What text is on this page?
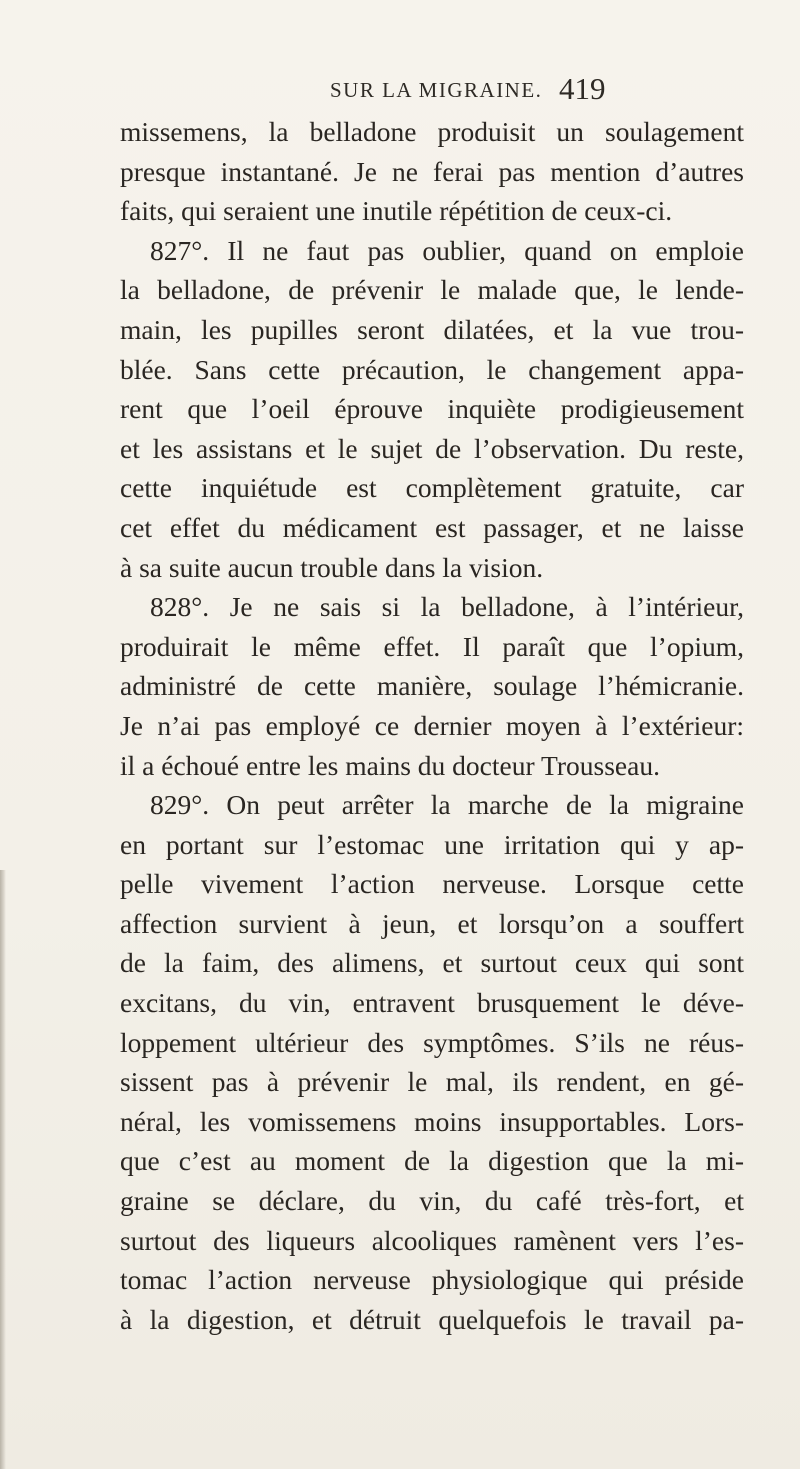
SUR LA MIGRAINE. 419
missemens, la belladone produisit un soulagement
presque instantané. Je ne ferai pas mention d’autres
faits, qui seraient une inutile répétition de ceux-ci.
827°. Il ne faut pas oublier, quand on emploie
la belladone, de prévenir le malade que, le lende-
main, les pupilles seront dilatées, et la vue trou-
blée. Sans cette précaution, le changement appa-
rent que l’oeil éprouve inquiète prodigieusement
et les assistans et le sujet de l’observation. Du reste,
cette inquiétude est complètement gratuite, car
cet effet du médicament est passager, et ne laisse
à sa suite aucun trouble dans la vision.
828°. Je ne sais si la belladone, à l’intérieur,
produirait le même effet. Il paraît que l’opium,
administré de cette manière, soulage l’hémicranie.
Je n’ai pas employé ce dernier moyen à l’extérieur:
il a échoué entre les mains du docteur Trousseau.
829°. On peut arrêter la marche de la migraine
en portant sur l’estomac une irritation qui y ap-
pelle vivement l’action nerveuse. Lorsque cette
affection survient à jeun, et lorsqu’on a souffert
de la faim, des alimens, et surtout ceux qui sont
excitans, du vin, entravent brusquement le déve-
loppement ultérieur des symptômes. S’ils ne réus-
sissent pas à prévenir le mal, ils rendent, en gé-
néral, les vomissemens moins insupportables. Lors-
que c’est au moment de la digestion que la mi-
graine se déclare, du vin, du café très-fort, et
surtout des liqueurs alcooliques ramènent vers l’es-
tomac l’action nerveuse physiologique qui préside
à la digestion, et détruit quelquefois le travail pa-
